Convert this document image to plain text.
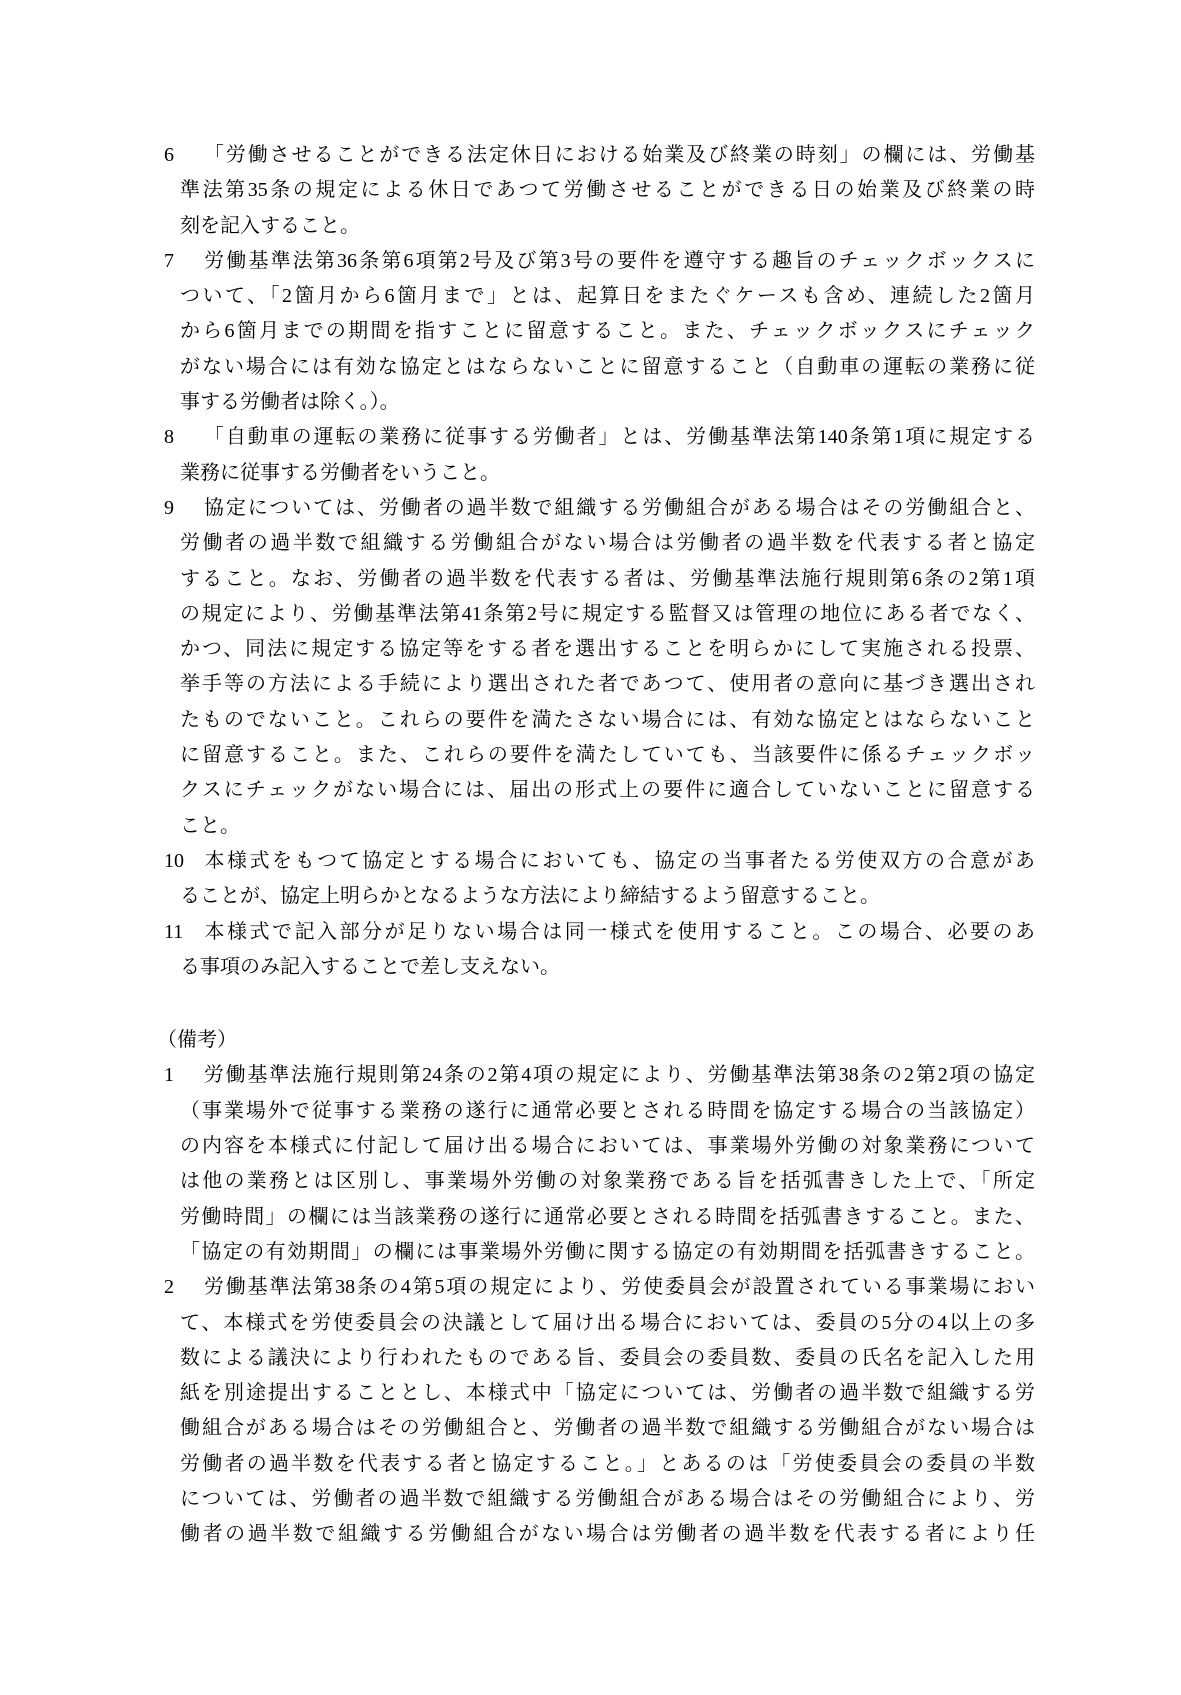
6 「労働させることができる法定休日における始業及び終業の時刻」の欄には、労働基
準法第35条の規定による休日であつて労働させることができる日の始業及び終業の時
刻を記入すること。
7 労働基準法第36条第6項第2号及び第3号の要件を遵守する趣旨のチェックボックスに
ついて、「2箇月から6箇月まで」とは、起算日をまたぐケースも含め、連続した2箇月
から6箇月までの期間を指すことに留意すること。また、チェックボックスにチェック
がない場合には有効な協定とはならないことに留意すること（自動車の運転の業務に従
事する労働者は除く。）。
8 「自動車の運転の業務に従事する労働者」とは、労働基準法第140条第1項に規定する
業務に従事する労働者をいうこと。
9 協定については、労働者の過半数で組織する労働組合がある場合はその労働組合と、
労働者の過半数で組織する労働組合がない場合は労働者の過半数を代表する者と協定
すること。なお、労働者の過半数を代表する者は、労働基準法施行規則第6条の2第1項
の規定により、労働基準法第41条第2号に規定する監督又は管理の地位にある者でなく、
かつ、同法に規定する協定等をする者を選出することを明らかにして実施される投票、
挙手等の方法による手続により選出された者であつて、使用者の意向に基づき選出され
たものでないこと。これらの要件を満たさない場合には、有効な協定とはならないこと
に留意すること。また、これらの要件を満たしていても、当該要件に係るチェックボッ
クスにチェックがない場合には、届出の形式上の要件に適合していないことに留意する
こと。
10 本様式をもつて協定とする場合においても、協定の当事者たる労使双方の合意があ
ることが、協定上明らかとなるような方法により締結するよう留意すること。
11 本様式で記入部分が足りない場合は同一様式を使用すること。この場合、必要のあ
る事項のみ記入することで差し支えない。
（備考）
1 労働基準法施行規則第24条の2第4項の規定により、労働基準法第38条の2第2項の協定
（事業場外で従事する業務の遂行に通常必要とされる時間を協定する場合の当該協定）
の内容を本様式に付記して届け出る場合においては、事業場外労働の対象業務について
は他の業務とは区別し、事業場外労働の対象業務である旨を括弧書きした上で、「所定
労働時間」の欄には当該業務の遂行に通常必要とされる時間を括弧書きすること。また、
「協定の有効期間」の欄には事業場外労働に関する協定の有効期間を括弧書きすること。
2 労働基準法第38条の4第5項の規定により、労使委員会が設置されている事業場におい
て、本様式を労使委員会の決議として届け出る場合においては、委員の5分の4以上の多
数による議決により行われたものである旨、委員会の委員数、委員の氏名を記入した用
紙を別途提出することとし、本様式中「協定については、労働者の過半数で組織する労
働組合がある場合はその労働組合と、労働者の過半数で組織する労働組合がない場合は
労働者の過半数を代表する者と協定すること。」とあるのは「労使委員会の委員の半数
については、労働者の過半数で組織する労働組合がある場合はその労働組合により、労
働者の過半数で組織する労働組合がない場合は労働者の過半数を代表する者により任
